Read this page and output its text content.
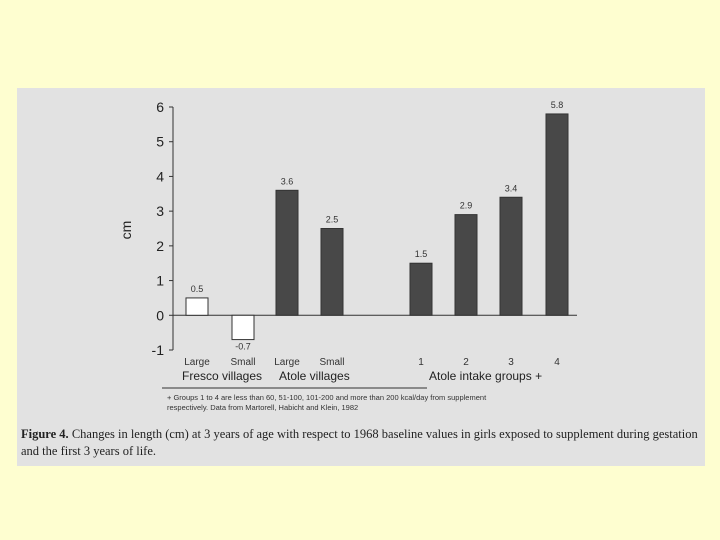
-1
0
1
2
3
4
5
6
cm
0.5
Large
-0.7
Small
3.6
Large
2.5
Small
1.5
1
2.9
2
3.4
3
5.8
4
Fresco villages Atole villages	Atole intake groups +
+ Groups 1 to 4 are less than 60, 51-100, 101-200 and more than 200 kcal/day from supplement
respectively. Data from Martorell, Habicht and Klein, 1982
Figure 4. Changes in length (cm) at 3 years of age with respect to 1968 baseline values in girls exposed to supplement during gestation and the first 3 years of life.
